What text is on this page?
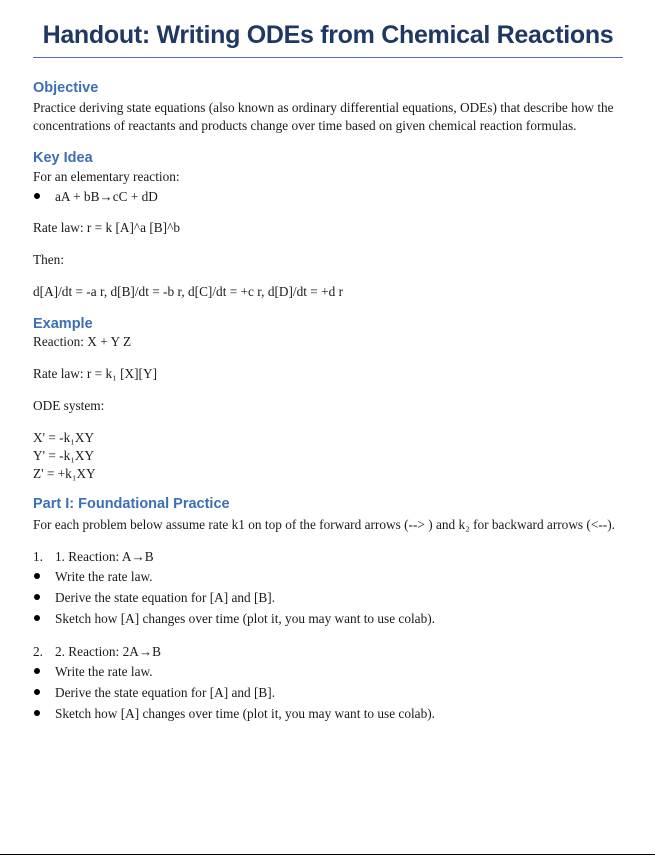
Handout: Writing ODEs from Chemical Reactions
Objective

Practice deriving state equations (also known as ordinary differential equations, ODEs) that describe how the concentrations of reactants and products change over time based on given chemical reaction formulas.

Key Idea

For an elementary reaction:

aA + bB→cC + dD

Rate law: r = k [A]^a [B]^b

Then:

d[A]/dt = -a r, d[B]/dt = -b r, d[C]/dt = +c r, d[D]/dt = +d r

Example

Reaction: X + Y Z

Rate law: r = k₁ [X][Y]

ODE system:

X' = -k₁XY

Y' = -k₁XY

Z' = +k₁XY

Part I: Foundational Practice

For each problem below assume rate k1 on top of the forward arrows (--> ) and k₂ for backward arrows (<--).

1. 1. Reaction: A→B
Write the rate law.
Derive the state equation for [A] and [B].
Sketch how [A] changes over time (plot it, you may want to use colab).
2. 2. Reaction: 2A→B
Write the rate law.
Derive the state equation for [A] and [B].
Sketch how [A] changes over time (plot it, you may want to use colab).
